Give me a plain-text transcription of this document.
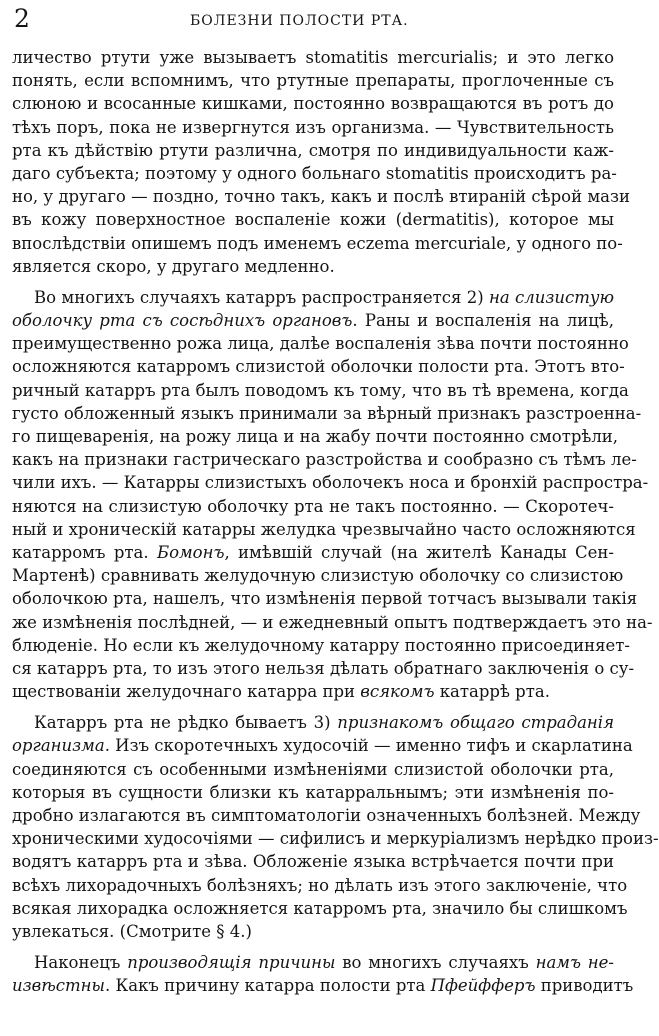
2	БОЛЕЗНИ ПОЛОСТИ РТА.
личество ртути уже вызываетъ stomatitis mercurialis; и это легко
понять, если вспомнимъ, что ртутные препараты, проглоченные съ
слюною и всосанные кишками, постоянно возвращаются въ ротъ до
тѣхъ поръ, пока не извергнутся изъ организма. — Чувствительность
рта къ дѣйствію ртути различна, смотря по индивидуальности каж-
даго субъекта; поэтому у одного больнаго stomatitis происходитъ ра-
но, у другаго — поздно, точно такъ, какъ и послѣ втираній сѣрой мази
въ кожу поверхностное воспаленіе кожи (dermatitis), которое мы
впослѣдствіи опишемъ подъ именемъ eczema mercuriale, у одного по-
является скоро, у другаго медленно.
Во многихъ случаяхъ катарръ распространяется 2) на слизистую
оболочку рта съ сосѣднихъ органовъ. Раны и воспаленія на лицѣ,
преимущественно рожа лица, далѣе воспаленія зѣва почти постоянно
осложняются катарромъ слизистой оболочки полости рта. Этотъ вто-
ричный катарръ рта былъ поводомъ къ тому, что въ тѣ времена, когда
густо обложенный языкъ принимали за вѣрный признакъ разстроенна-
го пищеваренія, на рожу лица и на жабу почти постоянно смотрѣли,
какъ на признаки гастрическаго разстройства и сообразно съ тѣмъ ле-
чили ихъ. — Катарры слизистыхъ оболочекъ носа и бронхій распростра-
няются на слизистую оболочку рта не такъ постоянно. — Скоротеч-
ный и хроническій катарры желудка чрезвычайно часто осложняются
катарромъ рта. Бомонъ, имѣвшій случай (на жителѣ Канады Сен-
Мартенѣ) сравнивать желудочную слизистую оболочку со слизистою
оболочкою рта, нашелъ, что измѣненія первой тотчасъ вызывали такія
же измѣненія послѣдней, — и ежедневный опытъ подтверждаетъ это на-
блюденіе. Но если къ желудочному катарру постоянно присоединяет-
ся катарръ рта, то изъ этого нельзя дѣлать обратнаго заключенія о су-
ществованіи желудочнаго катарра при всякомъ катаррѣ рта.
Катарръ рта не рѣдко бываетъ 3) признакомъ общаго страданія
организма. Изъ скоротечныхъ худосочій — именно тифъ и скарлатина
соединяются съ особенными измѣненіями слизистой оболочки рта,
которыя въ сущности близки къ катарральнымъ; эти измѣненія по-
дробно излагаются въ симптоматологіи означенныхъ болѣзней. Между
хроническими худосочіями — сифилисъ и меркуріализмъ нерѣдко произ-
водятъ катарръ рта и зѣва. Обложеніе языка встрѣчается почти при
всѣхъ лихорадочныхъ болѣзняхъ; но дѣлать изъ этого заключеніе, что
всякая лихорадка осложняется катарромъ рта, значило бы слишкомъ
увлекаться. (Смотрите § 4.)
Наконецъ производящія причины во многихъ случаяхъ намъ не-
извѣстны. Какъ причину катарра полости рта Пфейфферъ приводитъ
